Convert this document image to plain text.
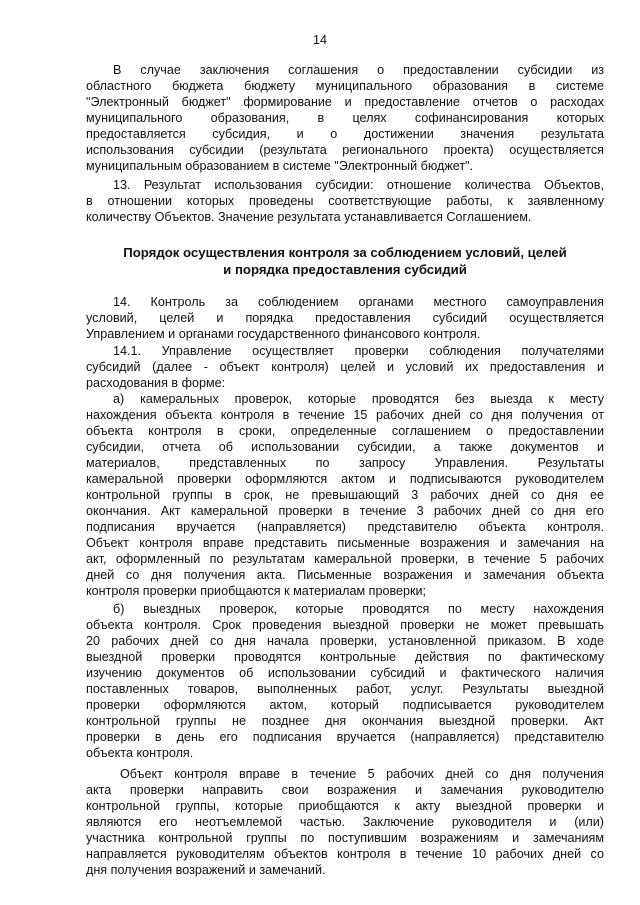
14
В случае заключения соглашения о предоставлении субсидии из
областного бюджета бюджету муниципального образования в системе
"Электронный бюджет" формирование и предоставление отчетов о расходах
муниципального образования, в целях софинансирования которых
предоставляется субсидия, и о достижении значения результата
использования субсидии (результата регионального проекта) осуществляется
муниципальным образованием в системе "Электронный бюджет".
13. Результат использования субсидии: отношение количества Объектов,
в отношении которых проведены соответствующие работы, к заявленному
количеству Объектов. Значение результата устанавливается Соглашением.
Порядок осуществления контроля за соблюдением условий, целей
и порядка предоставления субсидий
14. Контроль за соблюдением органами местного самоуправления
условий, целей и порядка предоставления субсидий осуществляется
Управлением и органами государственного финансового контроля.
14.1. Управление осуществляет проверки соблюдения получателями
субсидий (далее - объект контроля) целей и условий их предоставления и
расходования в форме:
а) камеральных проверок, которые проводятся без выезда к месту
нахождения объекта контроля в течение 15 рабочих дней со дня получения от
объекта контроля в сроки, определенные соглашением о предоставлении
субсидии, отчета об использовании субсидии, а также документов и
материалов, представленных по запросу Управления. Результаты
камеральной проверки оформляются актом и подписываются руководителем
контрольной группы в срок, не превышающий 3 рабочих дней со дня ее
окончания. Акт камеральной проверки в течение 3 рабочих дней со дня его
подписания вручается (направляется) представителю объекта контроля.
Объект контроля вправе представить письменные возражения и замечания на
акт, оформленный по результатам камеральной проверки, в течение 5 рабочих
дней со дня получения акта. Письменные возражения и замечания объекта
контроля проверки приобщаются к материалам проверки;
б) выездных проверок, которые проводятся по месту нахождения
объекта контроля. Срок проведения выездной проверки не может превышать
20 рабочих дней со дня начала проверки, установленной приказом. В ходе
выездной проверки проводятся контрольные действия по фактическому
изучению документов об использовании субсидий и фактического наличия
поставленных товаров, выполненных работ, услуг. Результаты выездной
проверки оформляются актом, который подписывается руководителем
контрольной группы не позднее дня окончания выездной проверки. Акт
проверки в день его подписания вручается (направляется) представителю
объекта контроля.
Объект контроля вправе в течение 5 рабочих дней со дня получения
акта проверки направить свои возражения и замечания руководителю
контрольной группы, которые приобщаются к акту выездной проверки и
являются его неотъемлемой частью. Заключение руководителя и (или)
участника контрольной группы по поступившим возражениям и замечаниям
направляется руководителям объектов контроля в течение 10 рабочих дней со
дня получения возражений и замечаний.
